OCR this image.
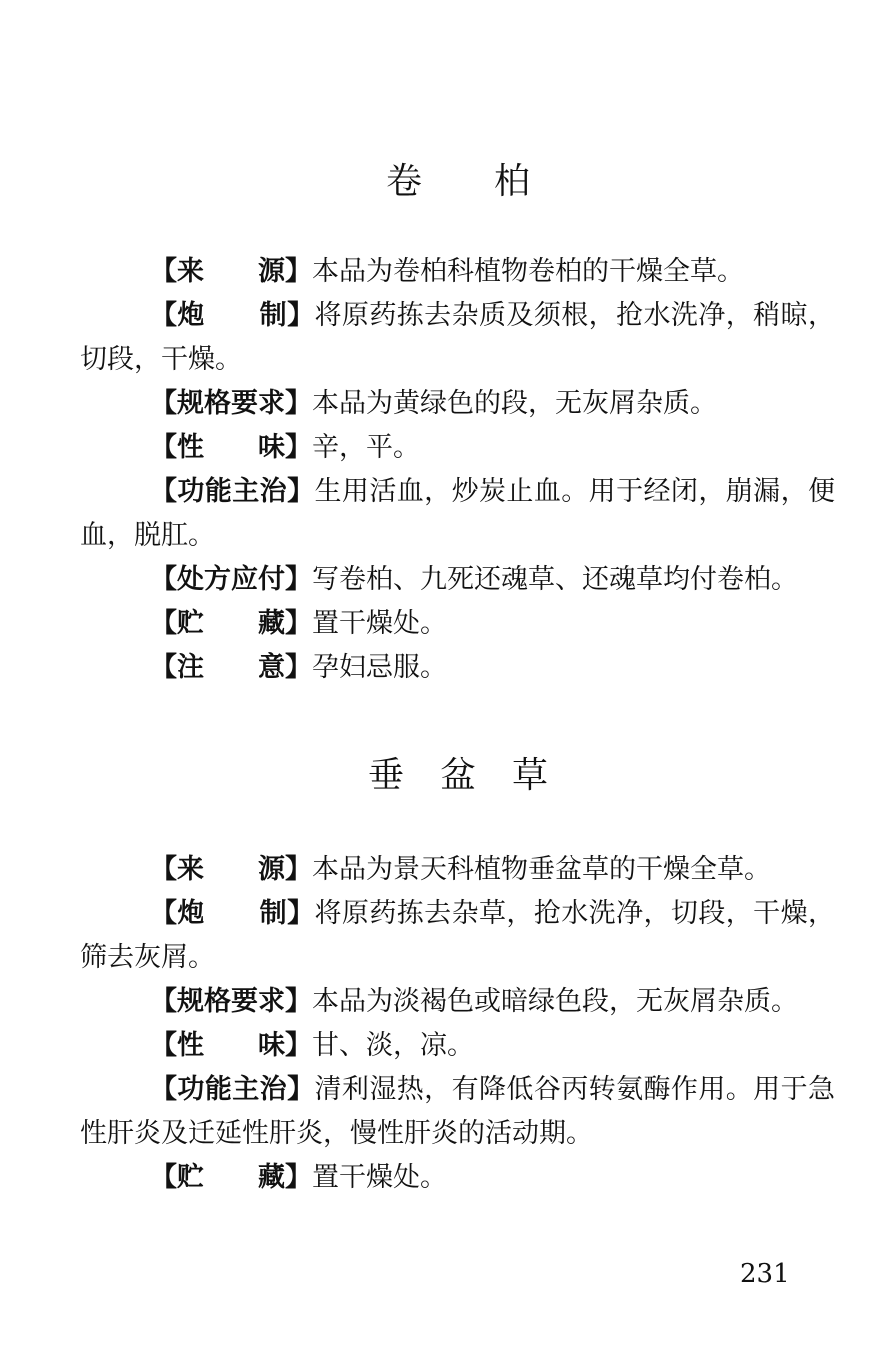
卷　　柏

【来　　源】本品为卷柏科植物卷柏的干燥全草。

【炮　　制】将原药拣去杂质及须根，抢水洗净，稍晾，切段，干燥。

【规格要求】本品为黄绿色的段，无灰屑杂质。

【性　　味】辛，平。

【功能主治】生用活血，炒炭止血。用于经闭，崩漏，便血，脱肛。

【处方应付】写卷柏、九死还魂草、还魂草均付卷柏。

【贮　　藏】置干燥处。

【注　　意】孕妇忌服。

垂　盆　草

【来　　源】本品为景天科植物垂盆草的干燥全草。

【炮　　制】将原药拣去杂草，抢水洗净，切段，干燥，筛去灰屑。

【规格要求】本品为淡褐色或暗绿色段，无灰屑杂质。

【性　　味】甘、淡，凉。

【功能主治】清利湿热，有降低谷丙转氨酶作用。用于急性肝炎及迁延性肝炎，慢性肝炎的活动期。

【贮　　藏】置干燥处。

231
